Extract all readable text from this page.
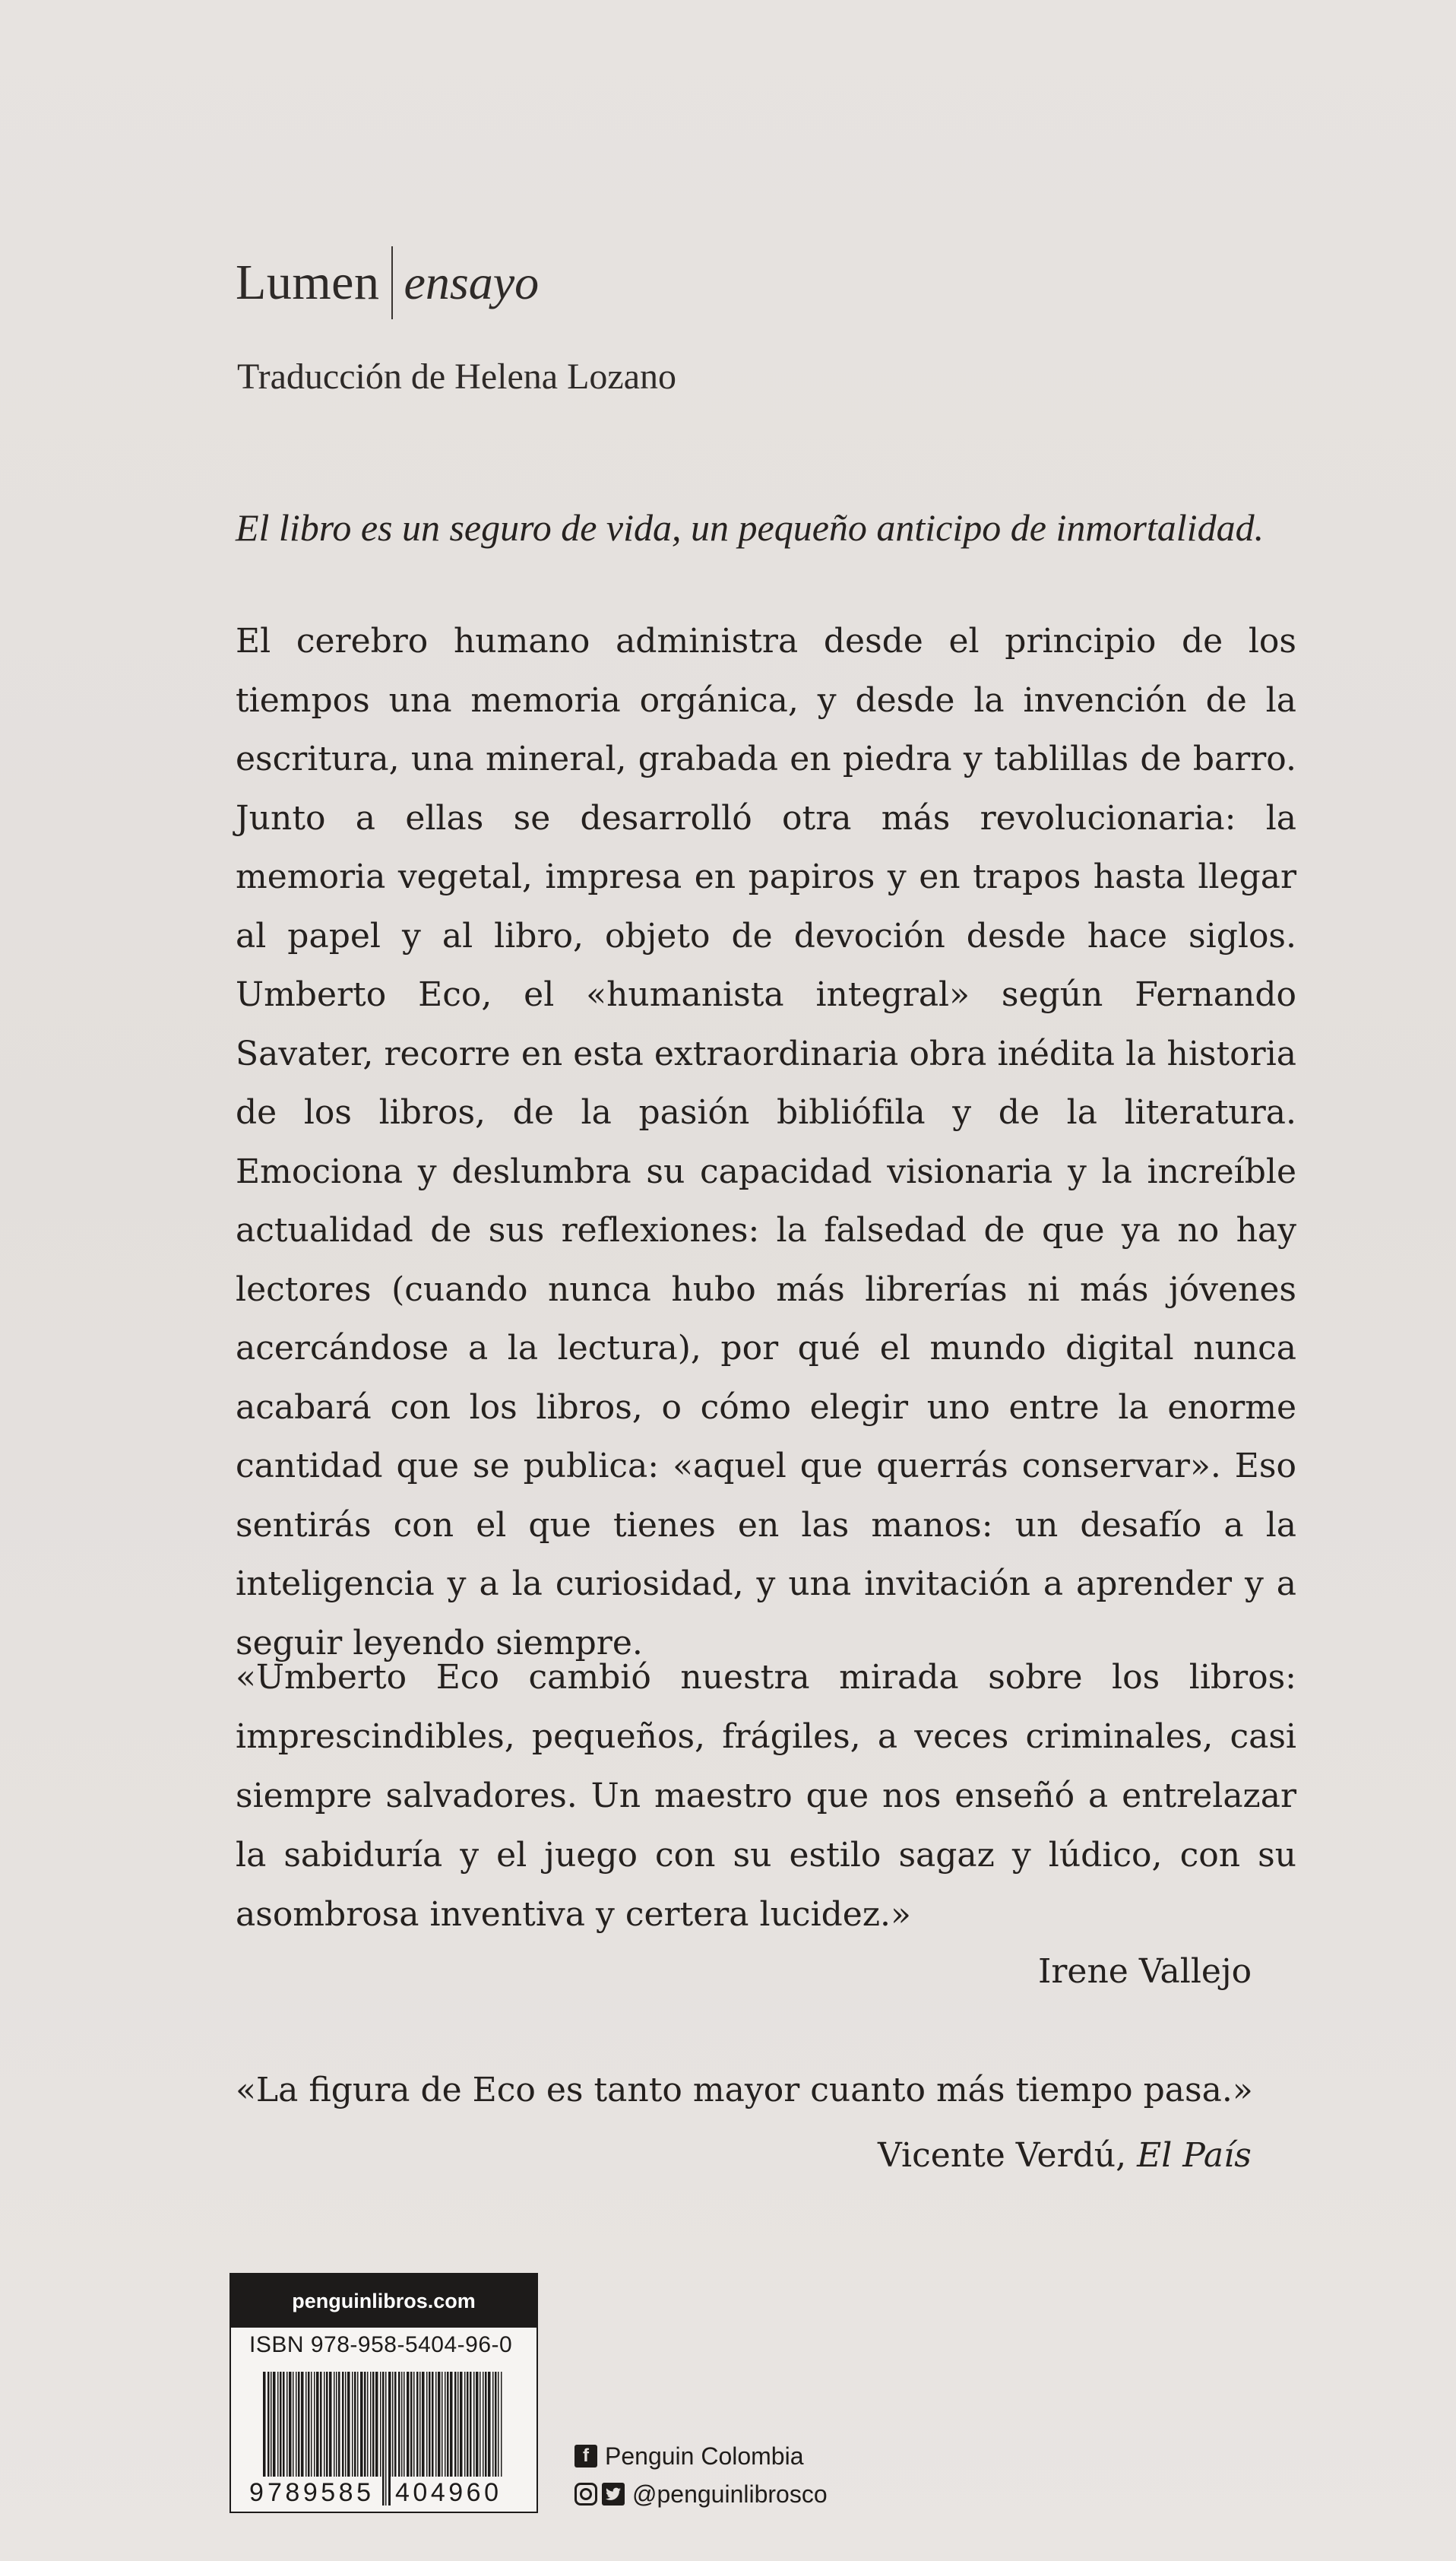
Lumen ensayo
Traducción de Helena Lozano
El libro es un seguro de vida, un pequeño anticipo de inmortalidad.

El cerebro humano administra desde el principio de los tiempos una memoria orgánica, y desde la invención de la escritura, una mineral, grabada en piedra y tablillas de barro. Junto a ellas se desarrolló otra más revolucionaria: la memoria vegetal, impresa en papiros y en trapos hasta llegar al papel y al libro, objeto de devoción desde hace siglos. Umberto Eco, el «humanista integral» según Fernando Savater, recorre en esta extraordinaria obra inédita la historia de los libros, de la pasión bibliófila y de la literatura. Emociona y deslumbra su capacidad visionaria y la increíble actualidad de sus reflexiones: la falsedad de que ya no hay lectores (cuando nunca hubo más librerías ni más jóvenes acercándose a la lectura), por qué el mundo digital nunca acabará con los libros, o cómo elegir uno entre la enorme cantidad que se publica: «aquel que querrás conservar». Eso sentirás con el que tienes en las manos: un desafío a la inteligencia y a la curiosidad, y una invitación a aprender y a seguir leyendo siempre.

«Umberto Eco cambió nuestra mirada sobre los libros: imprescindibles, pequeños, frágiles, a veces criminales, casi siempre salvadores. Un maestro que nos enseñó a entrelazar la sabiduría y el juego con su estilo sagaz y lúdico, con su asombrosa inventiva y certera lucidez.»

Irene Vallejo

«La figura de Eco es tanto mayor cuanto más tiempo pasa.»

Vicente Verdú, El País
penguinlibros.com
ISBN 978-958-5404-96-0
9 789585 404960
f Penguin Colombia
@penguinlibrosco
